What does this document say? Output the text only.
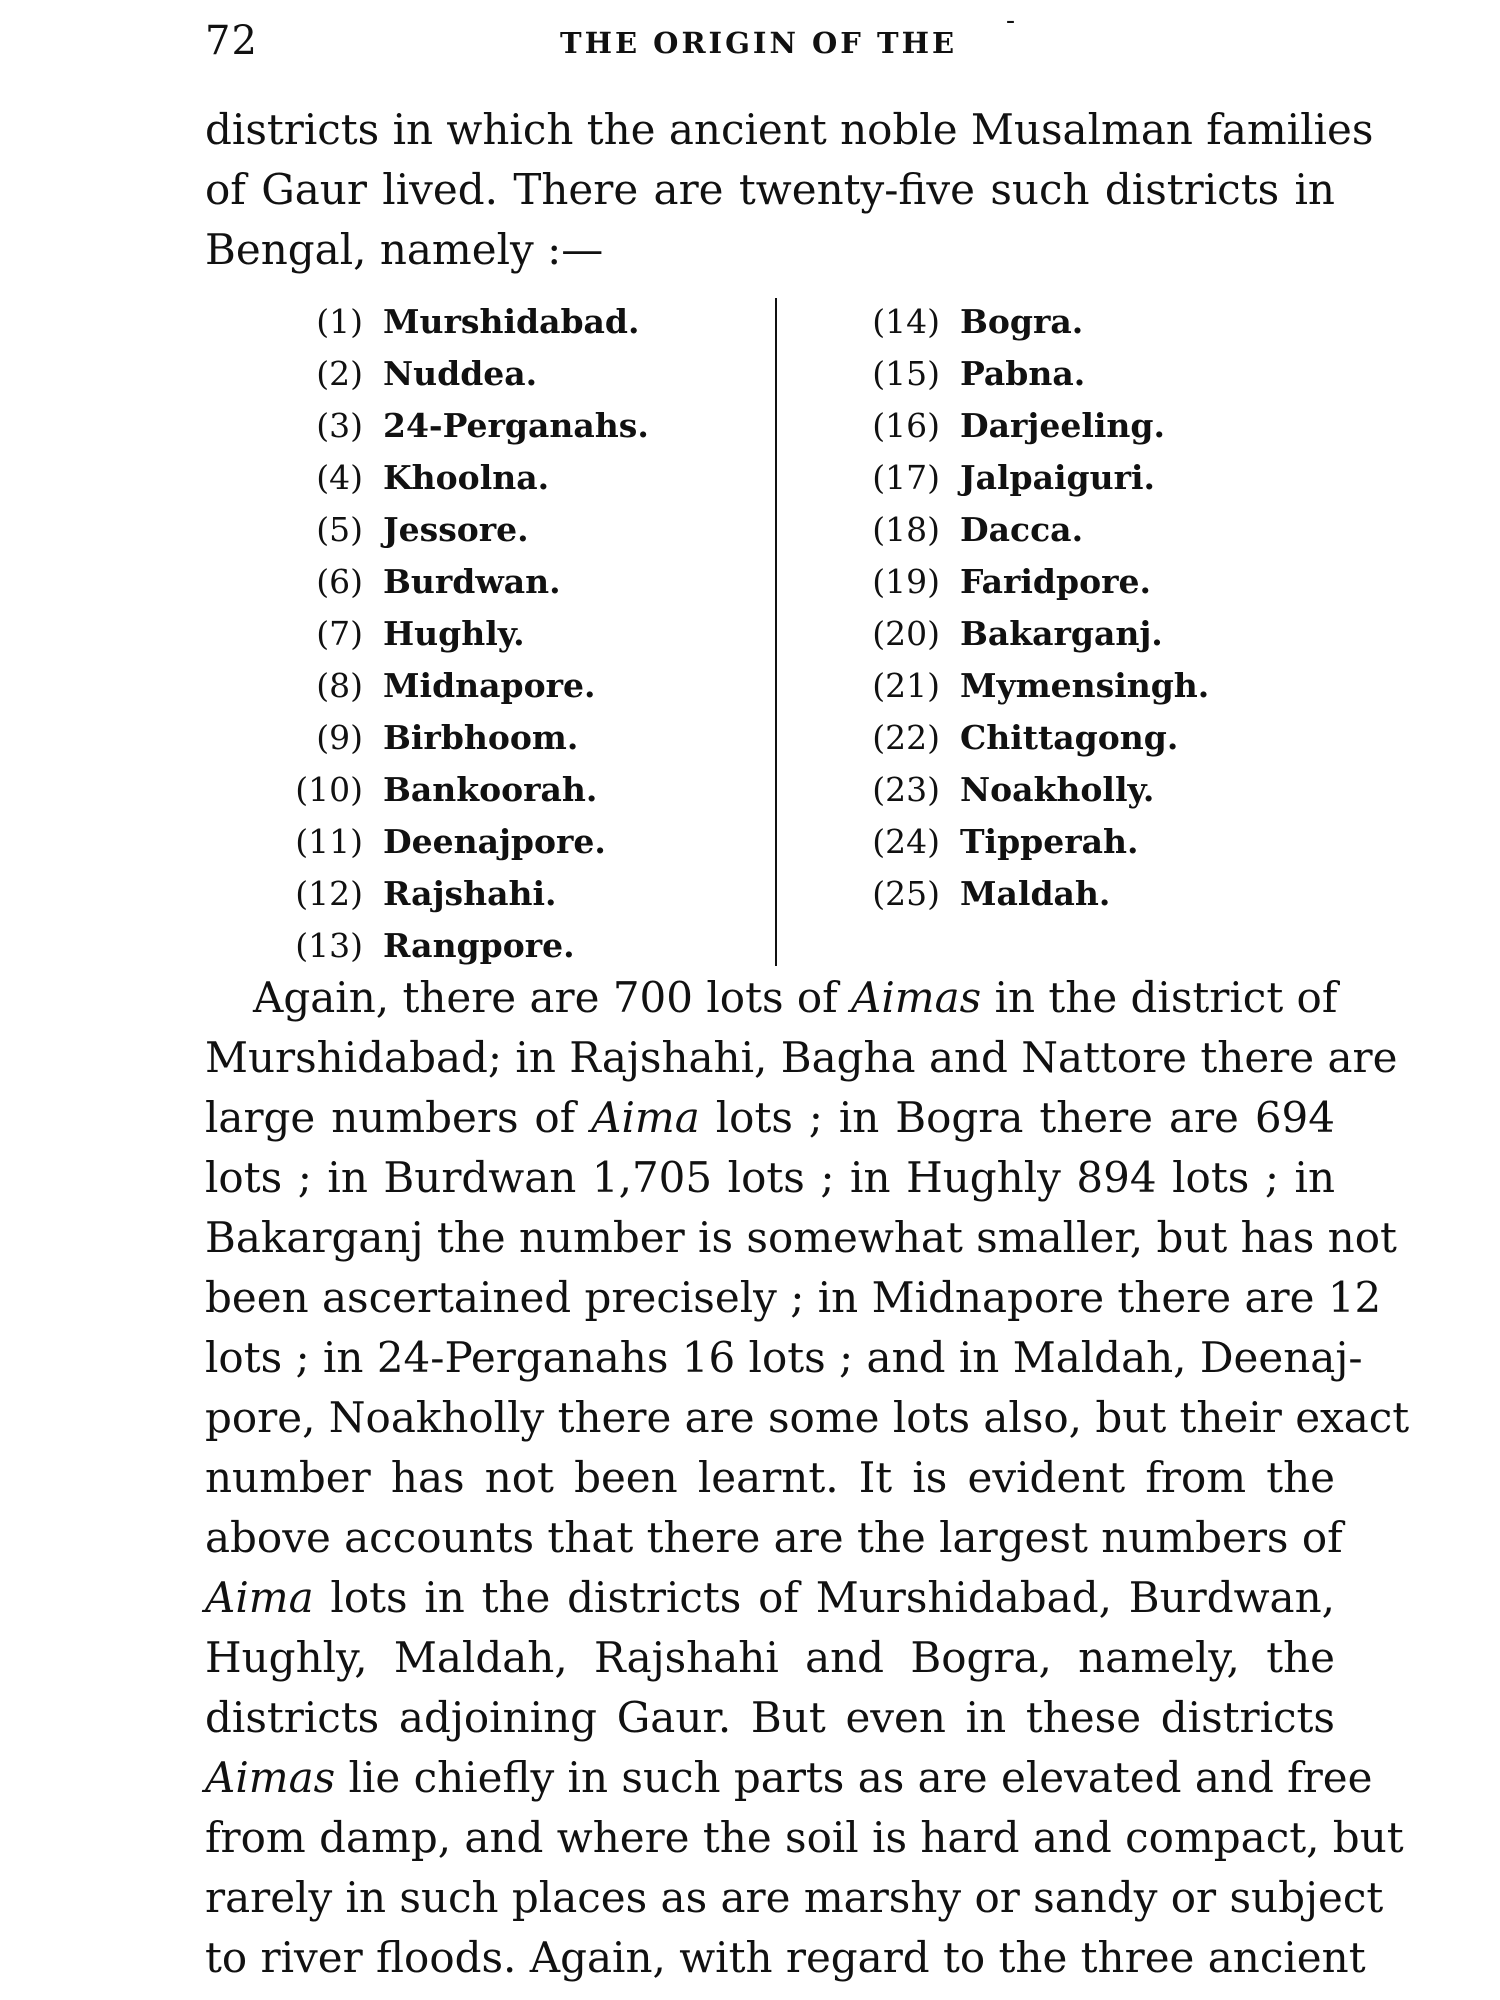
72	THE ORIGIN OF THE ˉ
districts in which the ancient noble Musalman families
of Gaur lived. There are twenty-five such districts in
Bengal, namely :—
(1) Murshidabad.
(2) Nuddea.
(3) 24-Perganahs.
(4) Khoolna.
(5) Jessore.
(6) Burdwan.
(7) Hughly.
(8) Midnapore.
(9) Birbhoom.
(10) Bankoorah.
(11) Deenajpore.
(12) Rajshahi.
(13) Rangpore.
(14) Bogra.
(15) Pabna.
(16) Darjeeling.
(17) Jalpaiguri.
(18) Dacca.
(19) Faridpore.
(20) Bakarganj.
(21) Mymensingh.
(22) Chittagong.
(23) Noakholly.
(24) Tipperah.
(25) Maldah.
Again, there are 700 lots of Aimas in the district of
Murshidabad; in Rajshahi, Bagha and Nattore there are
large numbers of Aima lots ; in Bogra there are 694
lots ; in Burdwan 1,705 lots ; in Hughly 894 lots ; in
Bakarganj the number is somewhat smaller, but has not
been ascertained precisely ; in Midnapore there are 12
lots ; in 24-Perganahs 16 lots ; and in Maldah, Deenaj-
pore, Noakholly there are some lots also, but their exact
number has not been learnt. It is evident from the
above accounts that there are the largest numbers of
Aima lots in the districts of Murshidabad, Burdwan,
Hughly, Maldah, Rajshahi and Bogra, namely, the
districts adjoining Gaur. But even in these districts
Aimas lie chiefly in such parts as are elevated and free
from damp, and where the soil is hard and compact, but
rarely in such places as are marshy or sandy or subject
to river floods. Again, with regard to the three ancient
